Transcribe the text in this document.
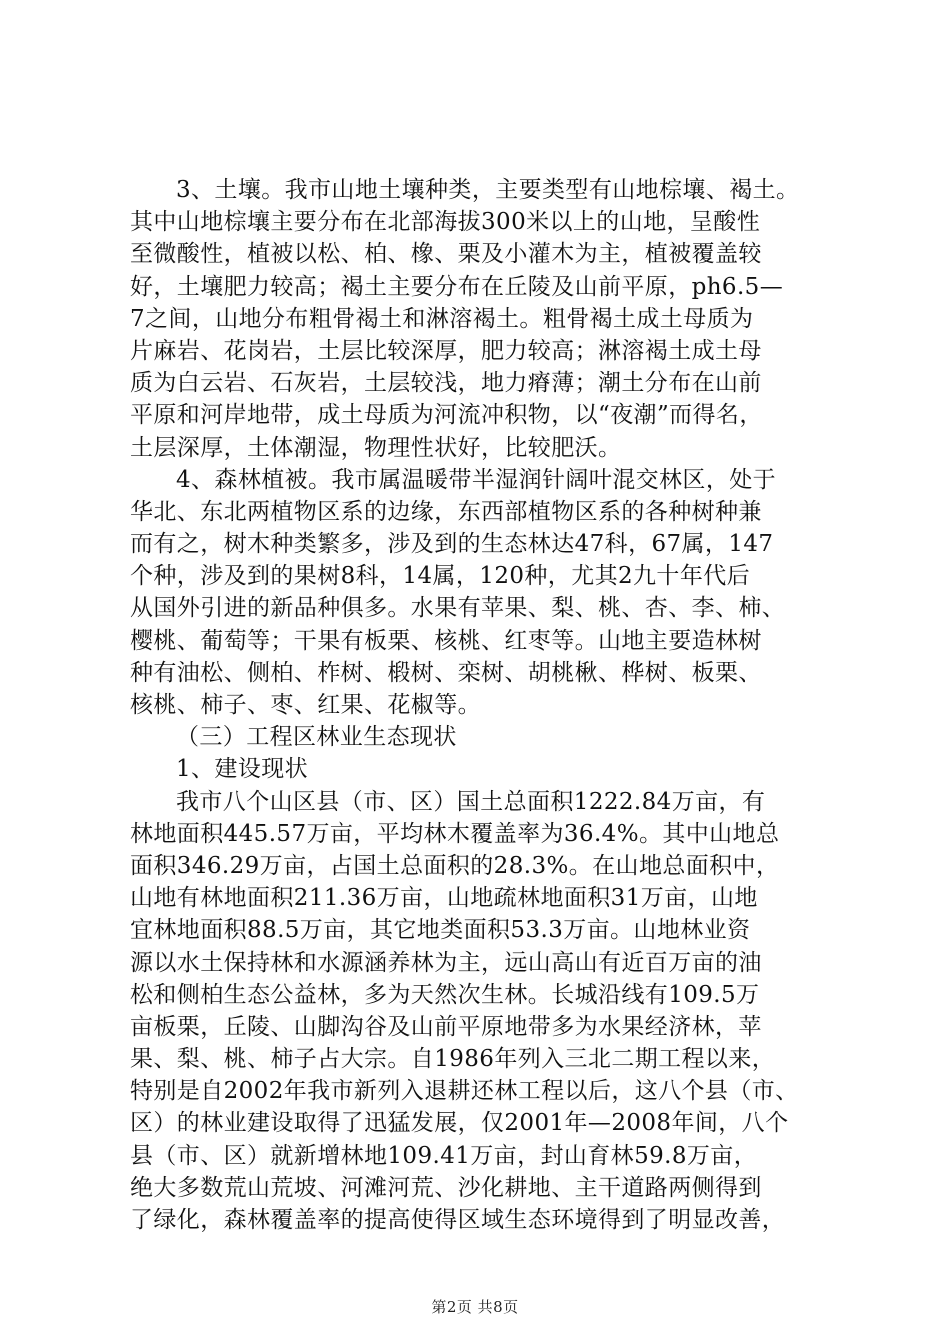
3、土壤。我市山地土壤种类，主要类型有山地棕壤、褐土。
其中山地棕壤主要分布在北部海拔300米以上的山地，呈酸性
至微酸性，植被以松、柏、橡、栗及小灌木为主，植被覆盖较
好，土壤肥力较高；褐土主要分布在丘陵及山前平原，ph6.5—
7之间，山地分布粗骨褐土和淋溶褐土。粗骨褐土成土母质为
片麻岩、花岗岩，土层比较深厚，肥力较高；淋溶褐土成土母
质为白云岩、石灰岩，土层较浅，地力瘠薄；潮土分布在山前
平原和河岸地带，成土母质为河流冲积物，以“夜潮”而得名，
土层深厚，土体潮湿，物理性状好，比较肥沃。
4、森林植被。我市属温暖带半湿润针阔叶混交林区，处于
华北、东北两植物区系的边缘，东西部植物区系的各种树种兼
而有之，树木种类繁多，涉及到的生态林达47科，67属，147
个种，涉及到的果树8科，14属，120种，尤其2九十年代后
从国外引进的新品种俱多。水果有苹果、梨、桃、杏、李、柿、
樱桃、葡萄等；干果有板栗、核桃、红枣等。山地主要造林树
种有油松、侧柏、柞树、椴树、栾树、胡桃楸、桦树、板栗、
核桃、柿子、枣、红果、花椒等。
（三）工程区林业生态现状
1、建设现状
我市八个山区县（市、区）国土总面积1222.84万亩，有
林地面积445.57万亩，平均林木覆盖率为36.4%。其中山地总
面积346.29万亩，占国土总面积的28.3%。在山地总面积中，
山地有林地面积211.36万亩，山地疏林地面积31万亩，山地
宜林地面积88.5万亩，其它地类面积53.3万亩。山地林业资
源以水土保持林和水源涵养林为主，远山高山有近百万亩的油
松和侧柏生态公益林，多为天然次生林。长城沿线有109.5万
亩板栗，丘陵、山脚沟谷及山前平原地带多为水果经济林，苹
果、梨、桃、柿子占大宗。自1986年列入三北二期工程以来，
特别是自2002年我市新列入退耕还林工程以后，这八个县（市、
区）的林业建设取得了迅猛发展，仅2001年—2008年间，八个
县（市、区）就新增林地109.41万亩，封山育林59.8万亩，
绝大多数荒山荒坡、河滩河荒、沙化耕地、主干道路两侧得到
了绿化，森林覆盖率的提高使得区域生态环境得到了明显改善，
第2页 共8页
